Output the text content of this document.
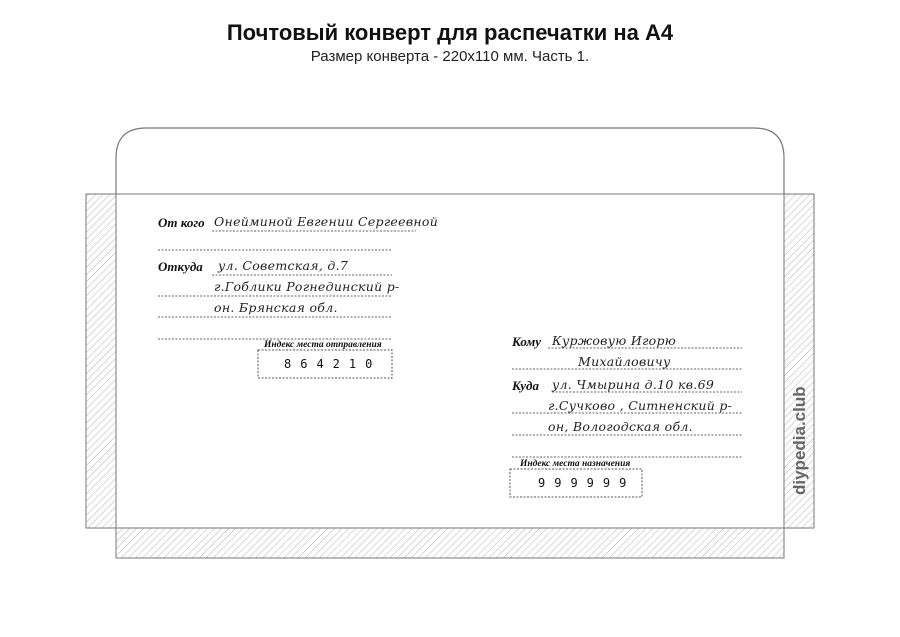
Почтовый конверт для распечатки на А4
Размер конверта - 220х110 мм. Часть 1.
От кого Онейминой Евгении Сергеевной
Откуда ул. Советская, д.7
г.Гоблики Рогнединский р-
он. Брянская обл.
Индекс места отправления
864210
Кому Куржовую Игорю
Михайловичу
Куда ул. Чмырина д.10 кв.69
г.Сучково , Ситненский р-
он, Вологодская обл.
Индекс места назначения
999999	diypedia.club
